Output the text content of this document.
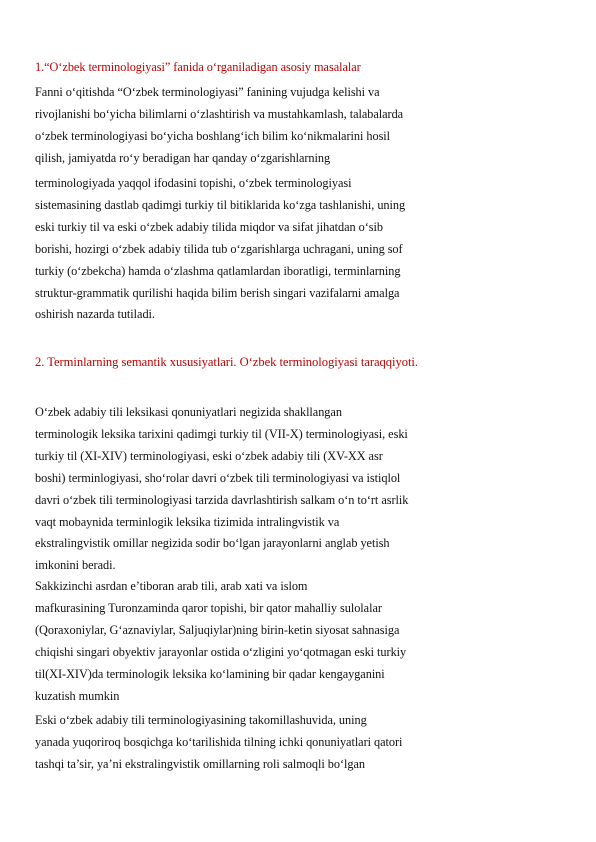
1.“O‘zbek terminologiyasi” fanida o‘rganiladigan asosiy masalalar

Fanni o‘qitishda “O‘zbek terminologiyasi” fanining vujudga kelishi va
rivojlanishi bo‘yicha bilimlarni o‘zlashtirish va mustahkamlash, talabalarda
o‘zbek terminologiyasi bo‘yicha boshlang‘ich bilim ko‘nikmalarini hosil
qilish, jamiyatda ro‘y beradigan har qanday o‘zgarishlarning

terminologiyada yaqqol ifodasini topishi, o‘zbek terminologiyasi
sistemasining dastlab qadimgi turkiy til bitiklarida ko‘zga tashlanishi, uning
eski turkiy til va eski o‘zbek adabiy tilida miqdor va sifat jihatdan o‘sib
borishi, hozirgi o‘zbek adabiy tilida tub o‘zgarishlarga uchragani, uning sof
turkiy (o‘zbekcha) hamda o‘zlashma qatlamlardan iboratligi, terminlarning
struktur-grammatik qurilishi haqida bilim berish singari vazifalarni amalga
oshirish nazarda tutiladi.

2. Terminlarning semantik xususiyatlari. O‘zbek terminologiyasi taraqqiyoti.

O‘zbek adabiy tili leksikasi qonuniyatlari negizida shakllangan
terminologik leksika tarixini qadimgi turkiy til (VII-X) terminologiyasi, eski
turkiy til (XI-XIV) terminologiyasi, eski o‘zbek adabiy tili (XV-XX asr
boshi) terminlogiyasi, sho‘rolar davri o‘zbek tili terminologiyasi va istiqlol
davri o‘zbek tili terminologiyasi tarzida davrlashtirish salkam o‘n to‘rt asrlik
vaqt mobaynida terminlogik leksika tizimida intralingvistik va
ekstralingvistik omillar negizida sodir bo‘lgan jarayonlarni anglab yetish
imkonini beradi.

Sakkizinchi asrdan e’tiboran arab tili, arab xati va islom
mafkurasining Turonzaminda qaror topishi, bir qator mahalliy sulolalar
(Qoraxoniylar, G‘aznaviylar, Saljuqiylar)ning birin-ketin siyosat sahnasiga
chiqishi singari obyektiv jarayonlar ostida o‘zligini yo‘qotmagan eski turkiy
til(XI-XIV)da terminologik leksika ko‘lamining bir qadar kengayganini
kuzatish mumkin

Eski o‘zbek adabiy tili terminologiyasining takomillashuvida, uning
yanada yuqoriroq bosqichga ko‘tarilishida tilning ichki qonuniyatlari qatori
tashqi ta’sir, ya’ni ekstralingvistik omillarning roli salmoqli bo‘lgan
